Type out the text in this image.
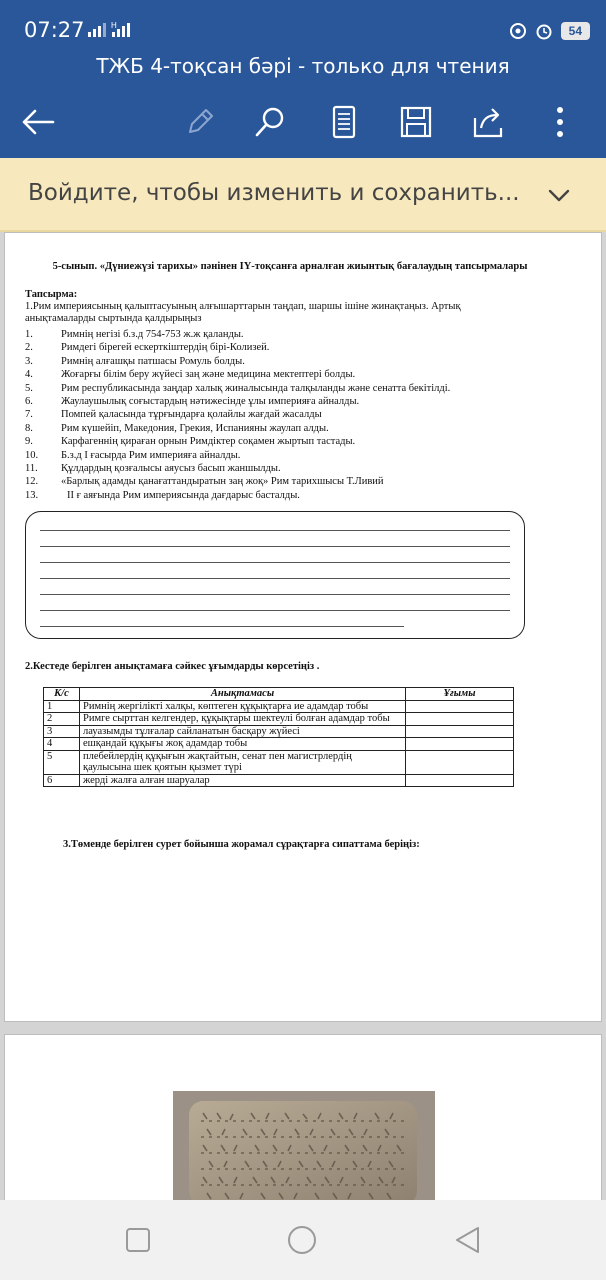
07:27	H	54
ТЖБ 4-тоқсан бәрі - только для чтения
Войдите, чтобы изменить и сохранить...
5-сынып. «Дүниежүзі тарихы» пәнінен ІҮ-тоқсанға арналған жиынтық бағалаудың тапсырмалары
Тапсырма:
1.Рим империясының қалыптасуының алғышарттарын таңдап, шаршы ішіне жинақтаңыз. Артық анықтамаларды сыртында қалдырыңыз
1.	Римнің негізі б.з.д 754-753 ж.ж қаланды.
2.	Римдегі бірегей ескерткіштердің бірі-Колизей.
3.	Римнің алғашқы патшасы Ромуль болды.
4.	Жоғарғы білім беру жүйесі заң және медицина мектептері болды.
5.	Рим республикасында заңдар халық жиналысында талқыланды және сенатта бекітілді.
6.	Жаулаушылық соғыстардың нәтижесінде ұлы империяға айналды.
7.	Помпей қаласында тұрғындарға қолайлы жағдай жасалды
8.	Рим күшейіп, Македония, Грекия, Испанияны жаулап алды.
9.	Карфагеннің қираған орнын Римдіктер соқамен жыртып тастады.
10.	Б.з.д І ғасырда Рим империяға айналды.
11.	Құлдардың қозғалысы аяусыз басып жаншылды.
12.	«Барлық адамды қанағаттандыратын заң жоқ» Рим тарихшысы Т.Ливий
13.	ІІ ғ аяғында Рим империясында дағдарыс басталды.
2.Кестеде берілген анықтамаға сәйкес ұғымдарды көрсетіңіз .
К/с	Анықтамасы	Ұғымы
1	Римнің жергілікті халқы, көптеген құқықтарға ие адамдар тобы	
2	Римге сырттан келгендер, құқықтары шектеулі болған адамдар тобы	
3	лауазымды тұлғалар сайланатын басқару жүйесі	
4	ешқандай құқығы жоқ адамдар тобы	
5	плебейлердің құқығын жақтайтын, сенат пен магистрлердің қаулысына шек қоятын қызмет түрі	
6	жерді жалға алған шаруалар	
3.Төменде берілген сурет бойынша жорамал сұрақтарға сипаттама беріңіз:
